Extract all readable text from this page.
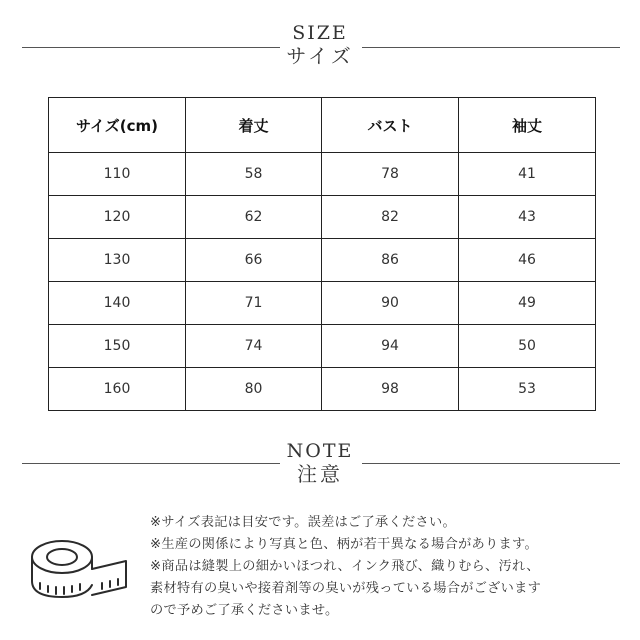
SIZE
サイズ
サイズ(cm)	着丈	バスト	袖丈
110	58	78	41
120	62	82	43
130	66	86	46
140	71	90	49
150	74	94	50
160	80	98	53
NOTE
注意

※サイズ表記は目安です。誤差はご了承ください。

※生産の関係により写真と色、柄が若干異なる場合があります。

※商品は縫製上の細かいほつれ、インク飛び、織りむら、汚れ、

素材特有の臭いや接着剤等の臭いが残っている場合がございます

ので予めご了承くださいませ。
